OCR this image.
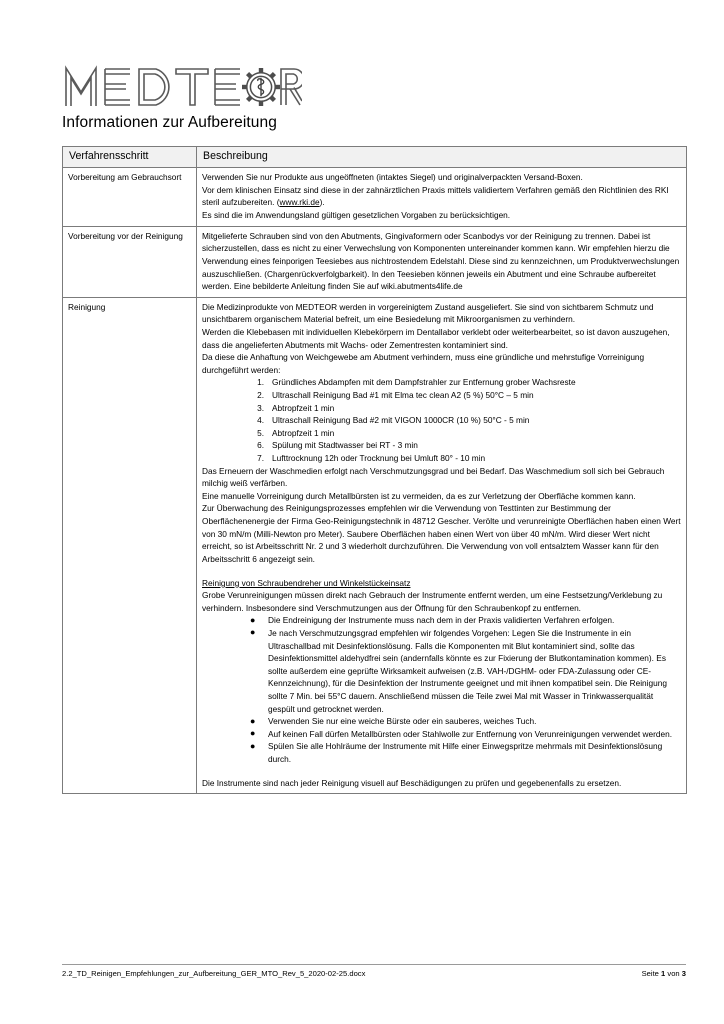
Informationen zur Aufbereitung
Verfahrensschritt	Beschreibung
Vorbereitung am Gebrauchsort	Verwenden Sie nur Produkte aus ungeöffneten (intaktes Siegel) und originalverpackten Versand-Boxen.

Vor dem klinischen Einsatz sind diese in der zahnärztlichen Praxis mittels validiertem Verfahren gemäß den Richtlinien des RKI steril aufzubereiten. (www.rki.de).

Es sind die im Anwendungsland gültigen gesetzlichen Vorgaben zu berücksichtigen.

Vorbereitung vor der Reinigung	Mitgelieferte Schrauben sind von den Abutments, Gingivaformern oder Scanbodys vor der Reinigung zu trennen. Dabei ist sicherzustellen, dass es nicht zu einer Verwechslung von Komponenten untereinander kommen kann. Wir empfehlen hierzu die Verwendung eines feinporigen Teesiebes aus nichtrostendem Edelstahl. Diese sind zu kennzeichnen, um Produktverwechslungen auszuschließen. (Chargenrückverfolgbarkeit). In den Teesieben können jeweils ein Abutment und eine Schraube aufbereitet werden. Eine bebilderte Anleitung finden Sie auf wiki.abutments4life.de

Reinigung	Die Medizinprodukte von MEDTEOR werden in vorgereinigtem Zustand ausgeliefert. Sie sind von sichtbarem Schmutz und unsichtbarem organischem Material befreit, um eine Besiedelung mit Mikroorganismen zu verhindern.

Werden die Klebebasen mit individuellen Klebekörpern im Dentallabor verklebt oder weiterbearbeitet, so ist davon auszugehen, dass die angelieferten Abutments mit Wachs- oder Zementresten kontaminiert sind.

Da diese die Anhaftung von Weichgewebe am Abutment verhindern, muss eine gründliche und mehrstufige Vorreinigung durchgeführt werden:

1. Gründliches Abdampfen mit dem Dampfstrahler zur Entfernung grober Wachsreste
2. Ultraschall Reinigung Bad #1 mit Elma tec clean A2 (5 %) 50°C – 5 min
3. Abtropfzeit 1 min
4. Ultraschall Reinigung Bad #2 mit VIGON 1000CR (10 %) 50°C - 5 min
5. Abtropfzeit 1 min
6. Spülung mit Stadtwasser bei RT - 3 min
7. Lufttrocknung 12h oder Trocknung bei Umluft 80° - 10 min

Das Erneuern der Waschmedien erfolgt nach Verschmutzungsgrad und bei Bedarf. Das Waschmedium soll sich bei Gebrauch milchig weiß verfärben.

Eine manuelle Vorreinigung durch Metallbürsten ist zu vermeiden, da es zur Verletzung der Oberfläche kommen kann.

Zur Überwachung des Reinigungsprozesses empfehlen wir die Verwendung von Testtinten zur Bestimmung der Oberflächenenergie der Firma Geo-Reinigungstechnik in 48712 Gescher. Verölte und verunreinigte Oberflächen haben einen Wert von 30 mN/m (Milli-Newton pro Meter). Saubere Oberflächen haben einen Wert von über 40 mN/m. Wird dieser Wert nicht erreicht, so ist Arbeitsschritt Nr. 2 und 3 wiederholt durchzuführen. Die Verwendung von voll entsalztem Wasser kann für den Arbeitsschritt 6 angezeigt sein.

Reinigung von Schraubendreher und Winkelstückeinsatz

Grobe Verunreinigungen müssen direkt nach Gebrauch der Instrumente entfernt werden, um eine Festsetzung/Verklebung zu verhindern. Insbesondere sind Verschmutzungen aus der Öffnung für den Schraubenkopf zu entfernen.

● Die Endreinigung der Instrumente muss nach dem in der Praxis validierten Verfahren erfolgen.
● Je nach Verschmutzungsgrad empfehlen wir folgendes Vorgehen: Legen Sie die Instrumente in ein Ultraschallbad mit Desinfektionslösung. Falls die Komponenten mit Blut kontaminiert sind, sollte das Desinfektionsmittel aldehydfrei sein (andernfalls könnte es zur Fixierung der Blutkontamination kommen). Es sollte außerdem eine geprüfte Wirksamkeit aufweisen (z.B. VAH-/DGHM- oder FDA-Zulassung oder CE-Kennzeichnung), für die Desinfektion der Instrumente geeignet und mit ihnen kompatibel sein. Die Reinigung sollte 7 Min. bei 55°C dauern. Anschließend müssen die Teile zwei Mal mit Wasser in Trinkwasserqualität gespült und getrocknet werden.
● Verwenden Sie nur eine weiche Bürste oder ein sauberes, weiches Tuch.
● Auf keinen Fall dürfen Metallbürsten oder Stahlwolle zur Entfernung von Verunreinigungen verwendet werden.
● Spülen Sie alle Hohlräume der Instrumente mit Hilfe einer Einwegspritze mehrmals mit Desinfektionslösung durch.

Die Instrumente sind nach jeder Reinigung visuell auf Beschädigungen zu prüfen und gegebenenfalls zu ersetzen.

2.2_TD_Reinigen_Empfehlungen_zur_Aufbereitung_GER_MTO_Rev_5_2020-02-25.docx	Seite 1 von 3
